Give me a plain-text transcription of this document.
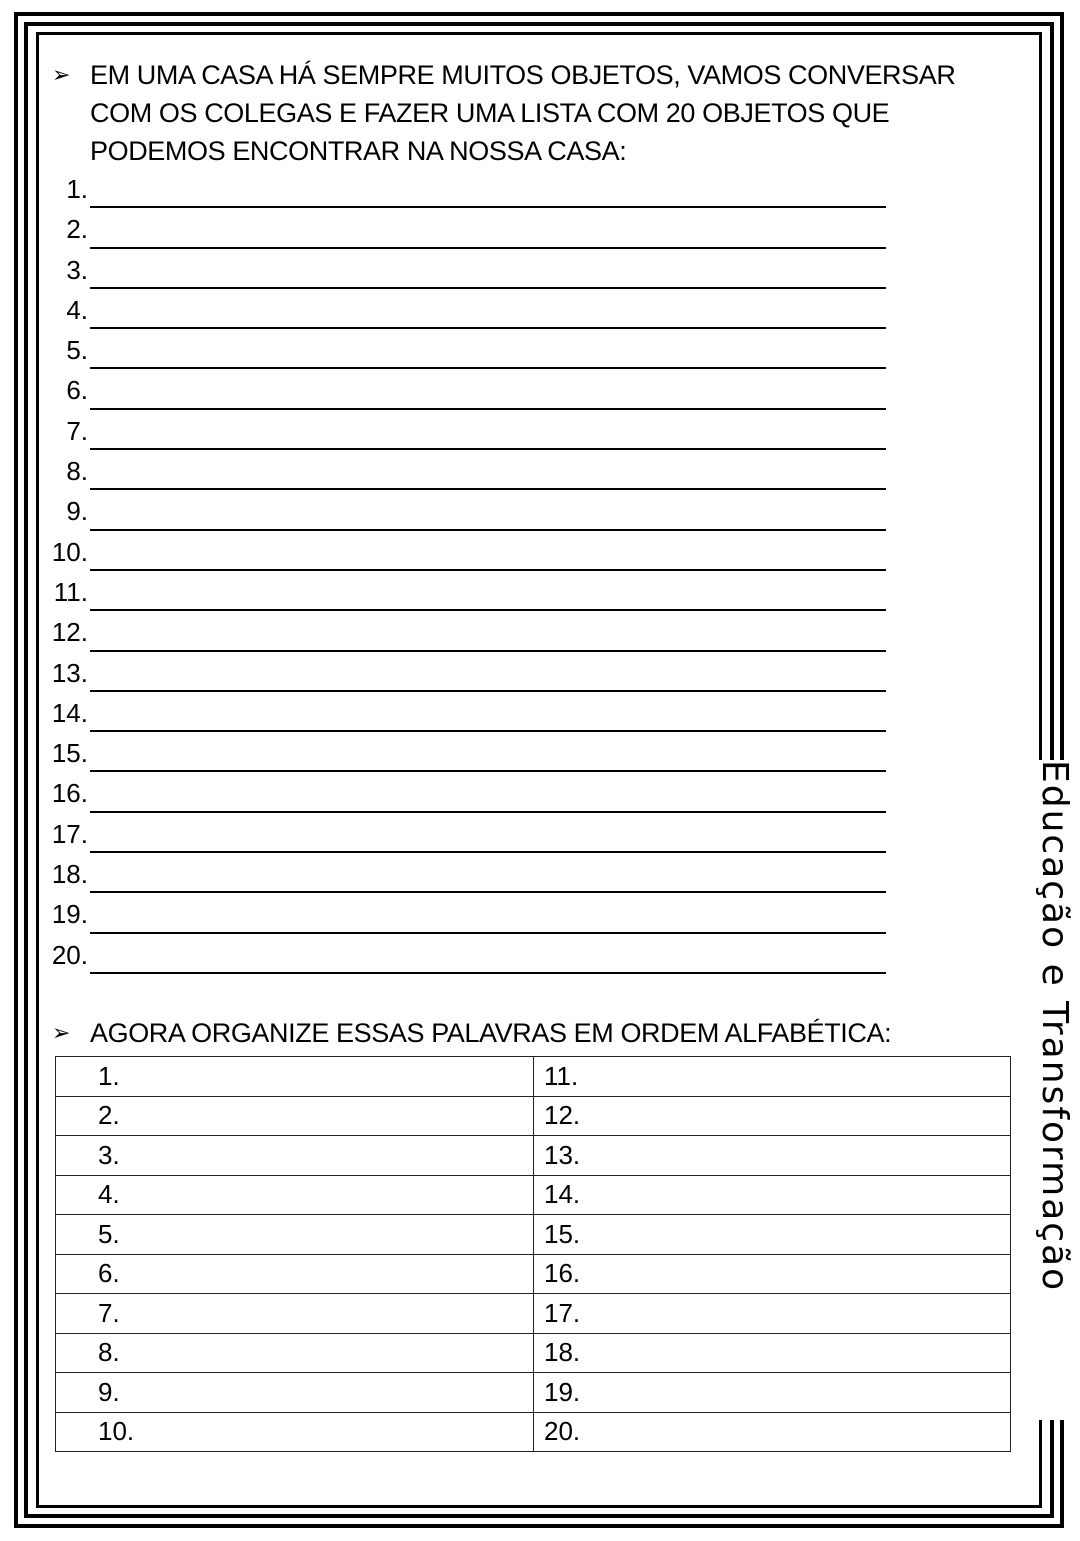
Educação e Transformação
➢ EM UMA CASA HÁ SEMPRE MUITOS OBJETOS, VAMOS CONVERSAR COM OS COLEGAS E FAZER UMA LISTA COM 20 OBJETOS QUE PODEMOS ENCONTRAR NA NOSSA CASA:
1.
2.
3.
4.
5.
6.
7.
8.
9.
10.
11.
12.
13.
14.
15.
16.
17.
18.
19.
20.
➢ AGORA ORGANIZE ESSAS PALAVRAS EM ORDEM ALFABÉTICA:
1.	11.
2.	12.
3.	13.
4.	14.
5.	15.
6.	16.
7.	17.
8.	18.
9.	19.
10.	20.
